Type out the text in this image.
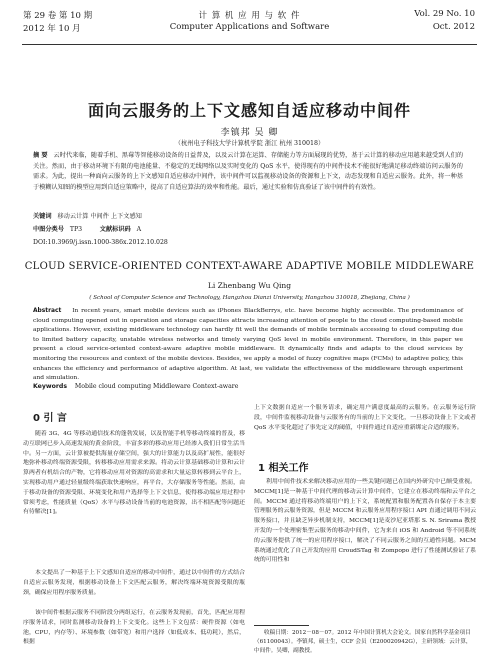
第 29 卷 第 10 期
2012 年 10 月
计 算 机 应 用 与 软 件
Computer Applications and Software
Vol. 29 No. 10
Oct. 2012
面向云服务的上下文感知自适应移动中间件
李镇邦 吴 卿
（杭州电子科技大学计算机学院 浙江 杭州 310018）
摘 要 云时代来临，随着手机、黑莓等智能移动设备的日益普及，以及云计算在运算、存储能力等方面展现的优势，基于云计算的移动应用越来越受到人们的关注。然而，由于移动环境下有限的电池能量、不稳定的无线网络以及实时变化的 QoS 水平，使得现有的中间件技术不能很好地满足移动终端访问云服务的需求。为此，提出一种面向云服务的上下文感知自适应移动中间件，该中间件可以监视移动设备的资源和上下文，动态发现和自适应云服务。此外，将一种基于模糊认知图的模型应用到自适应策略中，提高了自适应算法的效率和性能。最后，通过实验和仿真验证了该中间件的有效性。
关键词 移动云计算 中间件 上下文感知
中图分类号 TP3	文献标识码 A
DOI:10.3969/j.issn.1000-386x.2012.10.028
CLOUD SERVICE-ORIENTED CONTEXT-AWARE ADAPTIVE MOBILE MIDDLEWARE
Li Zhenbang Wu Qing
( School of Computer Science and Technology, Hangzhou Dianzi University, Hangzhou 310018, Zhejiang, China )
Abstract In recent years, smart mobile devices such as iPhones BlackBerrys, etc. have become highly accessible. The predominance of cloud computing opened out in operation and storage capacities attracts increasing attention of people to the cloud computing-based mobile applications. However, existing middleware technology can hardly fit well the demands of mobile terminals accessing to cloud computing due to limited battery capacity, unstable wireless networks and timely varying QoS level in mobile environment. Therefore, in this paper we present a cloud service-oriented context-aware adaptive mobile middleware. It dynamically finds and adapts to the cloud services by monitoring the resources and context of the mobile devices. Besides, we apply a model of fuzzy cognitive maps (FCMs) to adaptive policy, this enhances the efficiency and performance of adaptive algorithm. At last, we validate the effectiveness of the middleware through experiment and simulation.
Keywords Mobile cloud computing Middleware Context-aware
0 引 言
随着 3G、4G 等移动通信技术的蓬勃发展，以及智能手机等移动终端的普及，移动互联网已步入高速发展的黄金阶段，丰富多彩的移动应用已经渗入我们日常生活当中。另一方面，云计算被提供海量存储空间，强大的计算能力以及高扩展性，能很好地弥补移动终端资源受限，转移移动应用需求来源。将动云计算基础移动计算和云计算两者有机结合的产物，它将移动应用对资源的高需求和大量运算转移到云平台上，实现移动用户通过轻量级终端获取快速响应，再平台，大存储服务等性能。然而，由于移动设备的资源受限、环境变化和用户选择等上下文信息，使得移动端应用过程中常须考虑，性能质量（QoS）水平与移动设备当前的电池资源，出不相匹配等问题还有待解决[1]。
本文提出了一种基于上下文感知自适应的移动中间件，通过以中间件的方式结合自适应云服务发现，根据移动设备上下文匹配云服务，解决终端环境资源受限的瓶颈，确保应用程序服务质量。
该中间件根据云服务不同阶段分两组运行，在云服务发现前，首先，匹配应用程序服务请求，同时监测移动设备的上下文变化。这些上下文包括：硬件资源（如电池，CPU，内存等）、环境参数（如带宽）和用户选择（如低成本、低功耗），然后，根据
上下文数据自适应一个服务请求，确定用户满意度最高的云服务。在云服务运行阶段，中间件监视移动设备与云服务有的当前的上下文变化，一旦移动设备上下文或者 QoS 水平变化超过了事先定义的阈值，中间件通过自适应重新绑定合适的服务。
1 相关工作
利用中间件技术来解决移动应用的一些关键问题已在国内外研究中已颇受重视。MCCM[1]是一种基于中间代理的移动云计算中间件，它建立在移动终端和云平台之间。MCCM 通过将移动终端用户的上下文，系统配置和服务配置各自保存于本主要管理服务的云服务资源，但是 MCCM 和云服务应用程序接口 API 直通过调用不同云服务接口，并且缺乏异步机制支持，MCCM[1]是麦沙尼亚塔那 S. N. Srirama 教授开发的一个处理密集型云服务的移动中间件，它为来自 iOS 和 Android 等不同系统的云服务提供了统一的应用程序接口，解决了不同云服务之间的互通性问题。MCM 系统通过优化了自己开发的应用 CroudSTag 和 Zompopo 进行了性能测试验证了系统的可用性和
收稿日期：2012－08－07。2012 年中国计算机大会论文。国家自然科学基金项目（61100043）。李镇邦，硕士生，CCF 会员（E200020942G），主研领域：云计算，中间件。吴卿，副教授。
